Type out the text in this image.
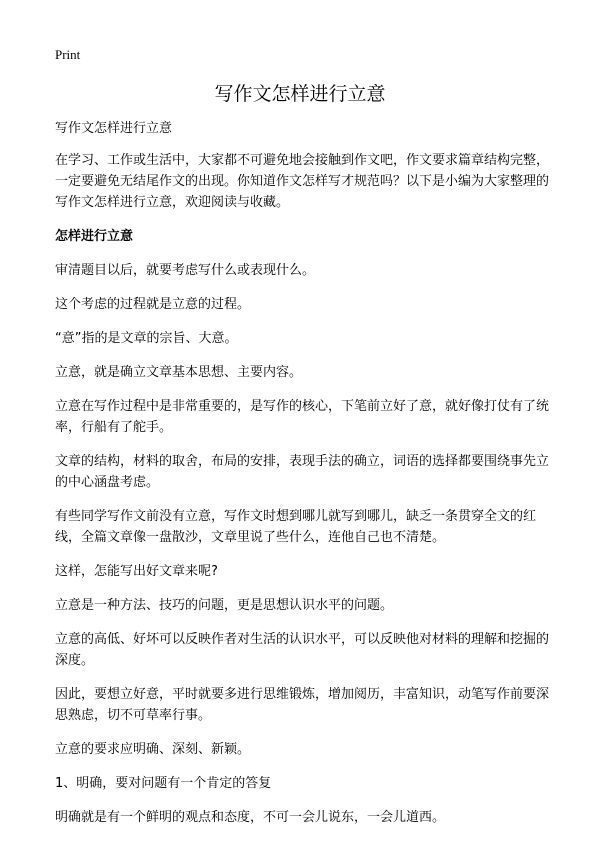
Print
写作文怎样进行立意

写作文怎样进行立意

在学习、工作或生活中，大家都不可避免地会接触到作文吧，作文要求篇章结构完整，一定要避免无结尾作文的出现。你知道作文怎样写才规范吗？以下是小编为大家整理的写作文怎样进行立意，欢迎阅读与收藏。

怎样进行立意

审清题目以后，就要考虑写什么或表现什么。

这个考虑的过程就是立意的过程。

“意”指的是文章的宗旨、大意。

立意，就是确立文章基本思想、主要内容。

立意在写作过程中是非常重要的，是写作的核心，下笔前立好了意，就好像打仗有了统率，行船有了舵手。

文章的结构，材料的取舍，布局的安排，表现手法的确立，词语的选择都要围绕事先立的中心涵盘考虑。

有些同学写作文前没有立意，写作文时想到哪儿就写到哪儿，缺乏一条贯穿全文的红线，全篇文章像一盘散沙，文章里说了些什么，连他自己也不清楚。

这样，怎能写出好文章来呢?

立意是一种方法、技巧的问题，更是思想认识水平的问题。

立意的高低、好坏可以反映作者对生活的认识水平，可以反映他对材料的理解和挖掘的深度。

因此，要想立好意，平时就要多进行思维锻炼，增加阅历，丰富知识，动笔写作前要深思熟虑，切不可草率行事。

立意的要求应明确、深刻、新颖。

1、明确，要对问题有一个肯定的答复

明确就是有一个鲜明的观点和态度，不可一会儿说东，一会儿道西。
